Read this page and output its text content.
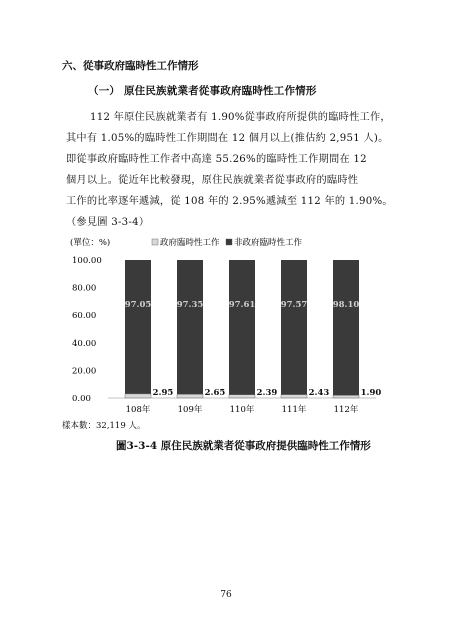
六、從事政府臨時性工作情形
（一） 原住民族就業者從事政府臨時性工作情形
112 年原住民族就業者有 1.90%從事政府所提供的臨時性工作，
其中有 1.05%的臨時性工作期間在 12 個月以上(推估約 2,951 人)。
即從事政府臨時性工作者中高達 55.26%的臨時性工作期間在 12
個月以上。從近年比較發現，原住民族就業者從事政府的臨時性
工作的比率逐年遞減，從 108 年的 2.95%遞減至 112 年的 1.90%。
（參見圖 3-3-4）
(單位：%)	政府臨時性工作 非政府臨時性工作
0.00
20.00
40.00
60.00
80.00
100.00
97.05
2.95
97.35
2.65
97.61
2.39
97.57
2.43
98.10
1.90
108年	109年	110年	111年	112年
樣本數：32,119 人。
圖3-3-4 原住民族就業者從事政府提供臨時性工作情形
76
